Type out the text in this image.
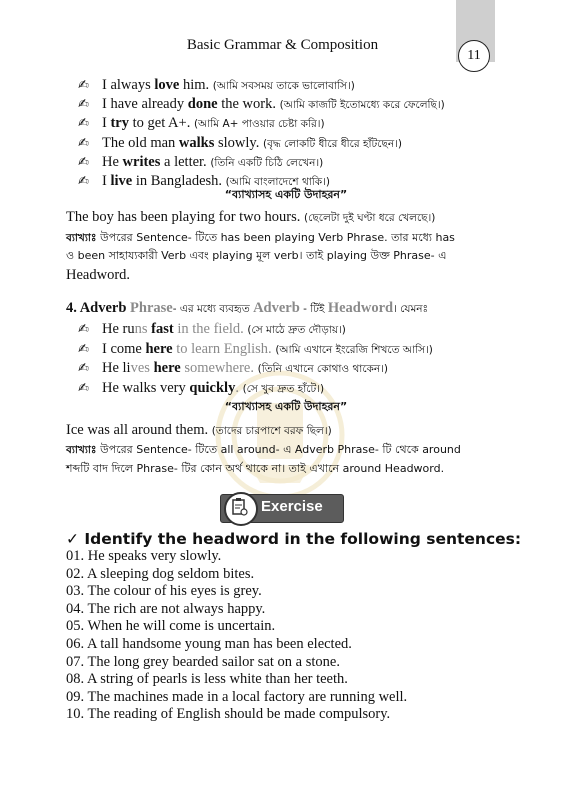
11
Basic Grammar & Composition
✍ I always love him. (আমি সবসময় তাকে ভালোবাসি।)
✍ I have already done the work. (আমি কাজটি ইতোমধ্যে করে ফেলেছি।)
✍ I try to get A+. (আমি A+ পাওয়ার চেষ্টা করি।)
✍ The old man walks slowly. (বৃদ্ধ লোকটি ধীরে ধীরে হাঁটছেন।)
✍ He writes a letter. (তিনি একটি চিঠি লেখেন।)
✍ I live in Bangladesh. (আমি বাংলাদেশে থাকি।)
“ব্যাখ্যাসহ একটি উদাহরন”
The boy has been playing for two hours. (ছেলেটা দুই ঘণ্টা ধরে খেলছে।)
ব্যাখ্যাঃ উপরের Sentence- টিতে has been playing Verb Phrase. তার মধ্যে has
ও been সাহায্যকারী Verb এবং playing মূল verb। তাই playing উক্ত Phrase- এ
Headword.
4. Adverb Phrase- এর মধ্যে ব্যবহৃত Adverb - টিই Headword। যেমনঃ
✍ He runs fast in the field. (সে মাঠে দ্রুত দৌড়ায়।)
✍ I come here to learn English. (আমি এখানে ইংরেজি শিখতে আসি।)
✍ He lives here somewhere. (তিনি এখানে কোথাও থাকেন।)
✍ He walks very quickly. (সে খুব দ্রুত হাঁটে।)
“ব্যাখ্যাসহ একটি উদাহরন”
Ice was all around them. (তাদের চারপাশে বরফ ছিল।)
ব্যাখ্যাঃ উপরের Sentence- টিতে all around- এ Adverb Phrase- টি থেকে around
শব্দটি বাদ দিলে Phrase- টির কোন অর্থ থাকে না। তাই এখানে around Headword.
Exercise
✓ Identify the headword in the following sentences:
01. He speaks very slowly.
02. A sleeping dog seldom bites.
03. The colour of his eyes is grey.
04. The rich are not always happy.
05. When he will come is uncertain.
06. A tall handsome young man has been elected.
07. The long grey bearded sailor sat on a stone.
08. A string of pearls is less white than her teeth.
09. The machines made in a local factory are running well.
10. The reading of English should be made compulsory.
